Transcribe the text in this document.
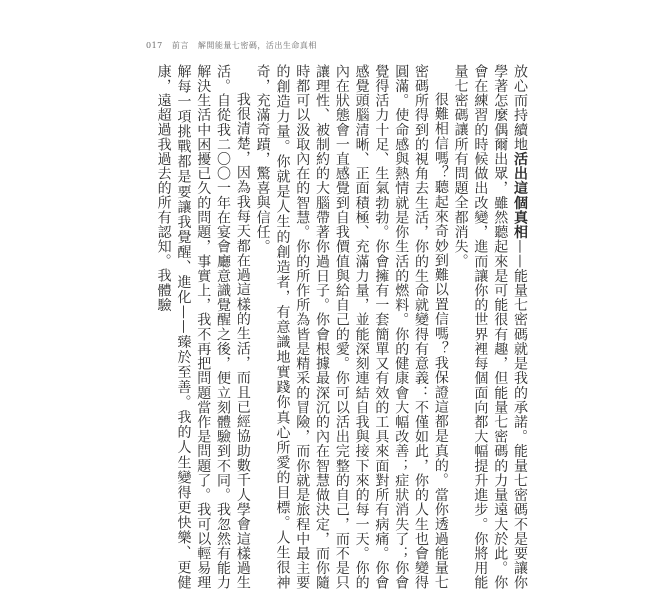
017 前言 解開能量七密碼，活出生命真相

放心而持續地活出這個真相——能量七密碼就是我的承諾。能量七密碼不是要讓你學著怎麼偶爾出眾，雖然聽起來是可能很有趣，但能量七密碼的力量遠大於此。你會在練習的時候做出改變，進而讓你的世界裡每個面向都大幅提升進步。你將用能量七密碼讓所有問題全都消失。

很難相信嗎？聽起來奇妙到難以置信嗎？我保證這都是真的。當你透過能量七密碼所得到的視角去生活，你的生命就變得有意義：不僅如此，你的人生也會變得圓滿。使命感與熱情就是你生活的燃料。你的健康會大幅改善；症狀消失了；你會覺得活力十足、生氣勃勃。你會擁有一套簡單又有效的工具來面對所有病痛。你會感覺頭腦清晰、正面積極、充滿力量，並能深刻連結自我與接下來的每一天。你的內在狀態會一直感覺到自我價值與給自己的愛。你可以活出完整的自己，而不是只讓理性、被制約的大腦帶著你過日子。你會根據最深沉的內在智慧做決定，而你隨時都可以汲取內在的智慧。你的所作所為皆是精采的冒險，而你就是旅程中最主要的創造力量。你就是人生的創造者，有意識地實踐你真心所愛的目標。人生很神奇，充滿奇蹟，驚喜與信任。

我很清楚，因為我每天都在過這樣的生活，而且已經協助數千人學會這樣過生活。自從我二〇〇一年在宴會廳意識覺醒之後，便立刻體驗到不同。我忽然有能力解決生活中困擾已久的問題，事實上，我不再把問題當作是問題了。我可以輕易理解每一項挑戰都是要讓我覺醒、進化——臻於至善。我的人生變得更快樂、更健康，遠超過我過去的所有認知。我體驗
